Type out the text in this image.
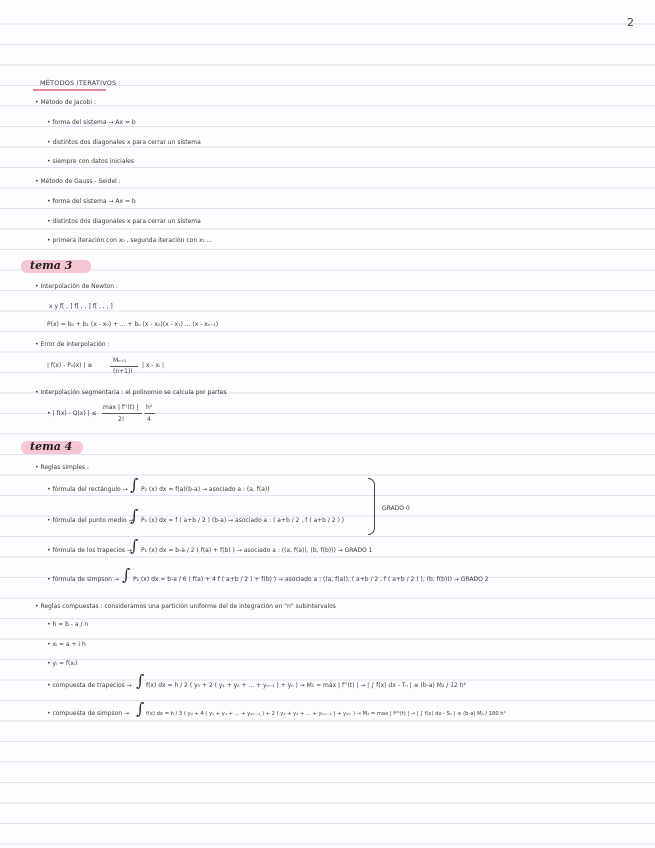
2
MÉTODOS ITERATIVOS
• Método de Jacobi :
• forma del sistema → Ax = b
• distintos dos diagonales x para cerrar un sistema
• siempre con datos iniciales
• Método de Gauss - Seidel :
• forma del sistema → Ax = b
• distintos dos diagonales x para cerrar un sistema
• primera iteración con x₀ , segunda iteración con x₁ ...
tema 3
• Interpolación de Newton :
x y f[ , ] f[ , , ] f[ , , , ]
P(x) = b₀ + b₁ (x - x₀) + ... + bₙ (x - x₀)(x - x₁) ... (x - xₙ₋₁)
• Error de interpolación :
| f(x) - Pₙ(x) | ≤
Mₙ₊₁
(n+1)!
| x - xᵢ |
• Interpolación segmentaria : el polinomio se calcula por partes
• | f(x) - Q(x) | ≤
max | f''(t) |
2!
h²
4
tema 4
• Reglas simples :
• fórmula del rectángulo → ∫ P₀ (x) dx = f(a)(b-a) → asociado a : (a, f(a))
• fórmula del punto medio →
∫ P₀ (x) dx = f ( a+b / 2 ) (b-a) → asociado a : ( a+b / 2 , f ( a+b / 2 ) )
GRADO 0
• fórmula de los trapecios →
∫ P₁ (x) dx = b-a / 2 ( f(a) + f(b) ) → asociado a : ((a, f(a)), (b, f(b))) → GRADO 1
• fórmula de simpson → ∫ P₂ (x) dx = b-a / 6 ( f(a) + 4 f ( a+b / 2 ) + f(b) ) → asociado a : ((a, f(a)), ( a+b / 2 , f ( a+b / 2 ) ), (b, f(b))) → GRADO 2
• Reglas compuestas : consideramos una partición uniforme del de integración en "n" subintervalos
• h = b - a / n
• xᵢ = a + i h
• yᵢ = f(xᵢ)
• compuesta de trapecios → ∫ f(x) dx = h / 2 ( y₀ + 2 ( y₁ + y₂ + ... + yₙ₋₁ ) + yₙ ) → M₂ = max | f''(t) | → | ∫ f(x) dx - Tₙ | ≤ (b-a) M₂ / 12 h²
• compuesta de simpson → ∫ f(x) dx = h / 3 ( y₀ + 4 ( y₁ + y₃ + ... + y₂ₘ₋₁ ) + 2 ( y₂ + y₄ + ... + y₂ₘ₋₂ ) + y₂ₘ ) → M₄ = max | f⁽⁴⁾(t) | → | ∫ f(x) dx - Sₙ | ≤ (b-a) M₄ / 180 h⁴
